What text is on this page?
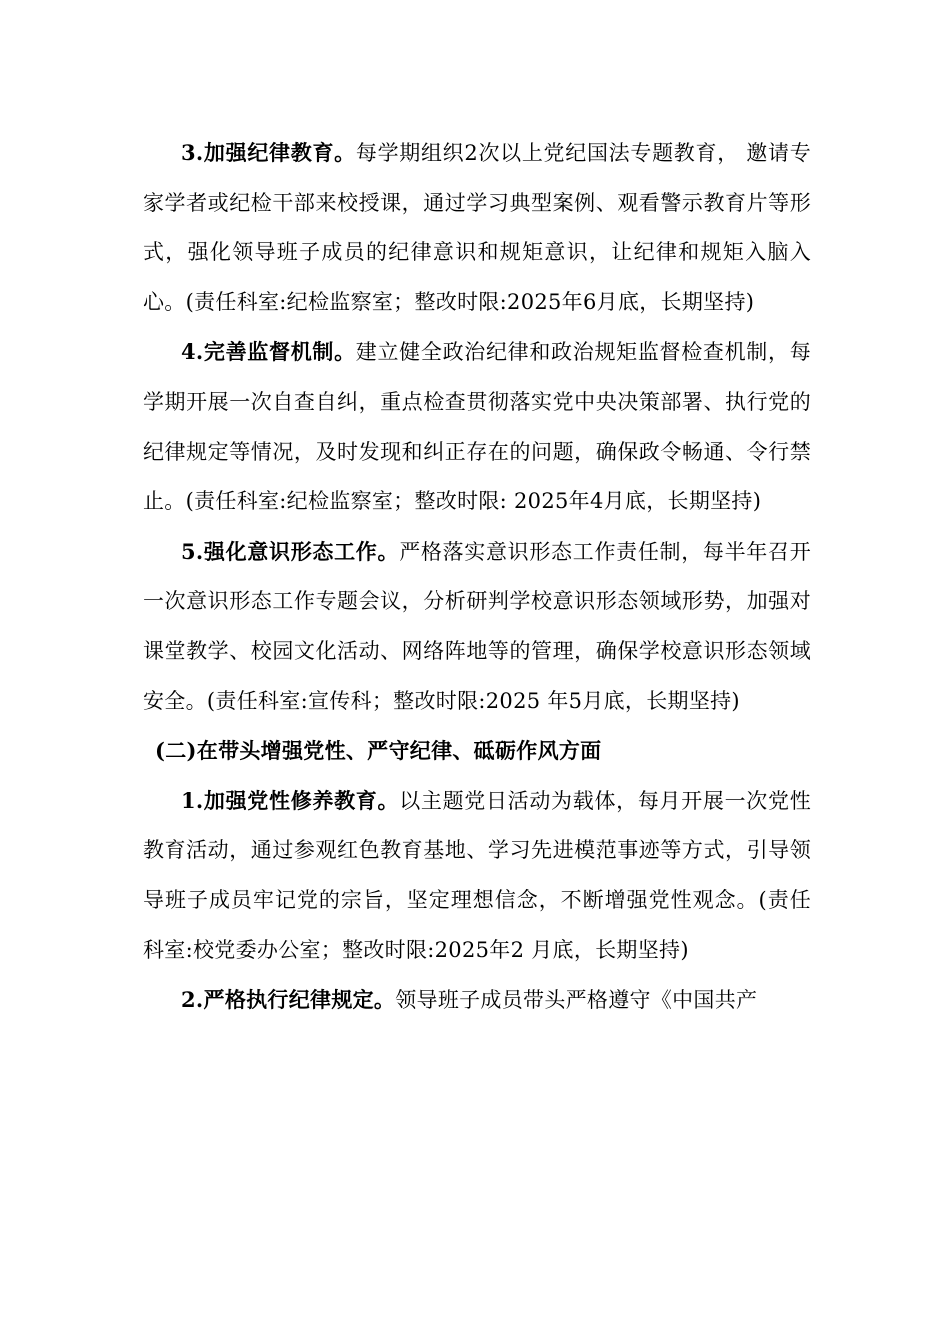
3.加强纪律教育。每学期组织2次以上党纪国法专题教育， 邀请专家学者或纪检干部来校授课，通过学习典型案例、观看警示教育片等形式，强化领导班子成员的纪律意识和规矩意识，让纪律和规矩入脑入心。(责任科室:纪检监察室；整改时限:2025年6月底，长期坚持)

4.完善监督机制。建立健全政治纪律和政治规矩监督检查机制，每学期开展一次自查自纠，重点检查贯彻落实党中央决策部署、执行党的纪律规定等情况，及时发现和纠正存在的问题，确保政令畅通、令行禁止。(责任科室:纪检监察室；整改时限: 2025年4月底，长期坚持)

5.强化意识形态工作。严格落实意识形态工作责任制，每半年召开一次意识形态工作专题会议，分析研判学校意识形态领域形势，加强对课堂教学、校园文化活动、网络阵地等的管理，确保学校意识形态领域安全。(责任科室:宣传科；整改时限:2025 年5月底，长期坚持)

(二)在带头增强党性、严守纪律、砥砺作风方面

1.加强党性修养教育。以主题党日活动为载体，每月开展一次党性教育活动，通过参观红色教育基地、学习先进模范事迹等方式，引导领导班子成员牢记党的宗旨，坚定理想信念，不断增强党性观念。(责任科室:校党委办公室；整改时限:2025年2 月底，长期坚持)

2.严格执行纪律规定。领导班子成员带头严格遵守《中国共产
